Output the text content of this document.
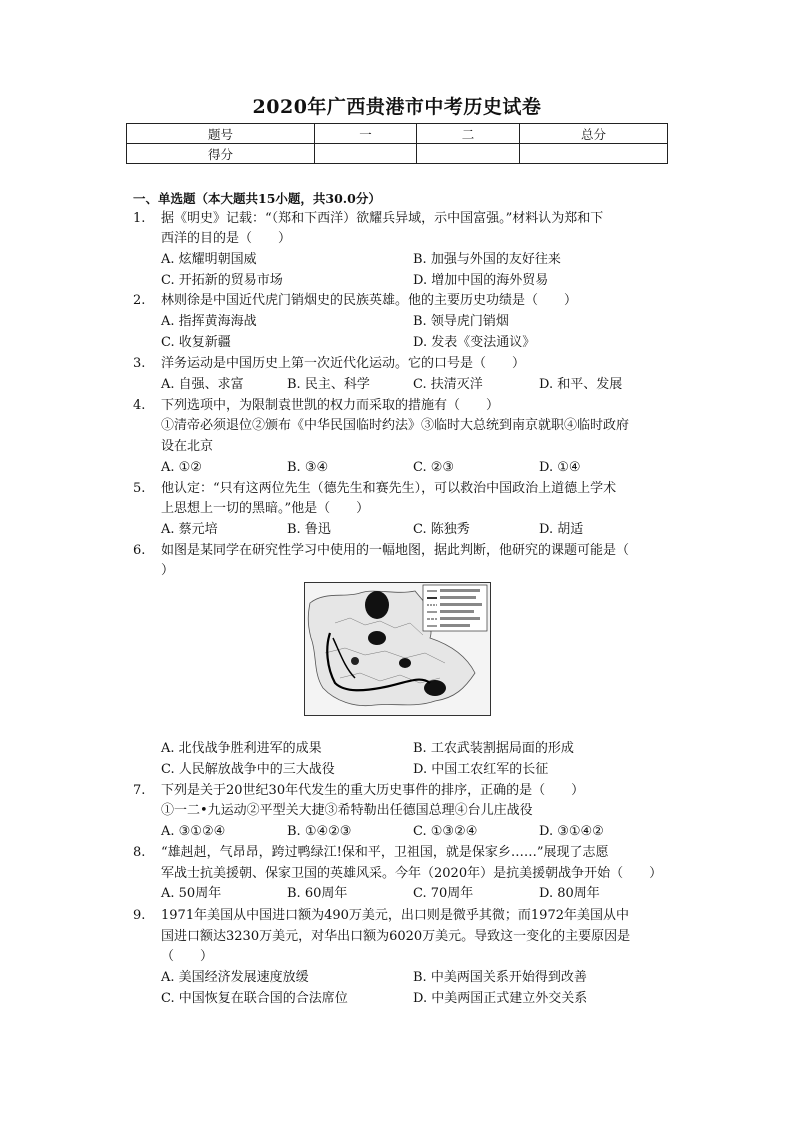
2020年广西贵港市中考历史试卷
题号	一	二	总分
得分			
一、单选题（本大题共15小题，共30.0分）
1.	据《明史》记载：“（郑和下西洋）欲耀兵异域，示中国富强。”材料认为郑和下
西洋的目的是（　　）
A. 炫耀明朝国威	B. 加强与外国的友好往来
C. 开拓新的贸易市场	D. 增加中国的海外贸易
2.	林则徐是中国近代虎门销烟史的民族英雄。他的主要历史功绩是（　　）
A. 指挥黄海海战	B. 领导虎门销烟
C. 收复新疆	D. 发表《变法通议》
3.	洋务运动是中国历史上第一次近代化运动。它的口号是（　　）
A. 自强、求富	B. 民主、科学	C. 扶清灭洋	D. 和平、发展
4.	下列选项中，为限制袁世凯的权力而采取的措施有（　　）
①清帝必须退位②颁布《中华民国临时约法》③临时大总统到南京就职④临时政府
设在北京
A. ①②	B. ③④	C. ②③	D. ①④
5.	他认定：“只有这两位先生（德先生和赛先生），可以救治中国政治上道德上学术
上思想上一切的黑暗。”他是（　　）
A. 蔡元培	B. 鲁迅	C. 陈独秀	D. 胡适
6.	如图是某同学在研究性学习中使用的一幅地图，据此判断，他研究的课题可能是（
）
A. 北伐战争胜利进军的成果	B. 工农武装割据局面的形成
C. 人民解放战争中的三大战役	D. 中国工农红军的长征
7.	下列是关于20世纪30年代发生的重大历史事件的排序，正确的是（　　）
①一二•九运动②平型关大捷③希特勒出任德国总理④台儿庄战役
A. ③①②④	B. ①④②③	C. ①③②④	D. ③①④②
8.	“雄赳赳，气昂昂，跨过鸭绿江!保和平，卫祖国，就是保家乡……”展现了志愿
军战士抗美援朝、保家卫国的英雄风采。今年（2020年）是抗美援朝战争开始（　　）
A. 50周年	B. 60周年	C. 70周年	D. 80周年
9.	1971年美国从中国进口额为490万美元，出口则是微乎其微；而1972年美国从中
国进口额达3230万美元，对华出口额为6020万美元。导致这一变化的主要原因是
（　　）
A. 美国经济发展速度放缓	B. 中美两国关系开始得到改善
C. 中国恢复在联合国的合法席位	D. 中美两国正式建立外交关系
